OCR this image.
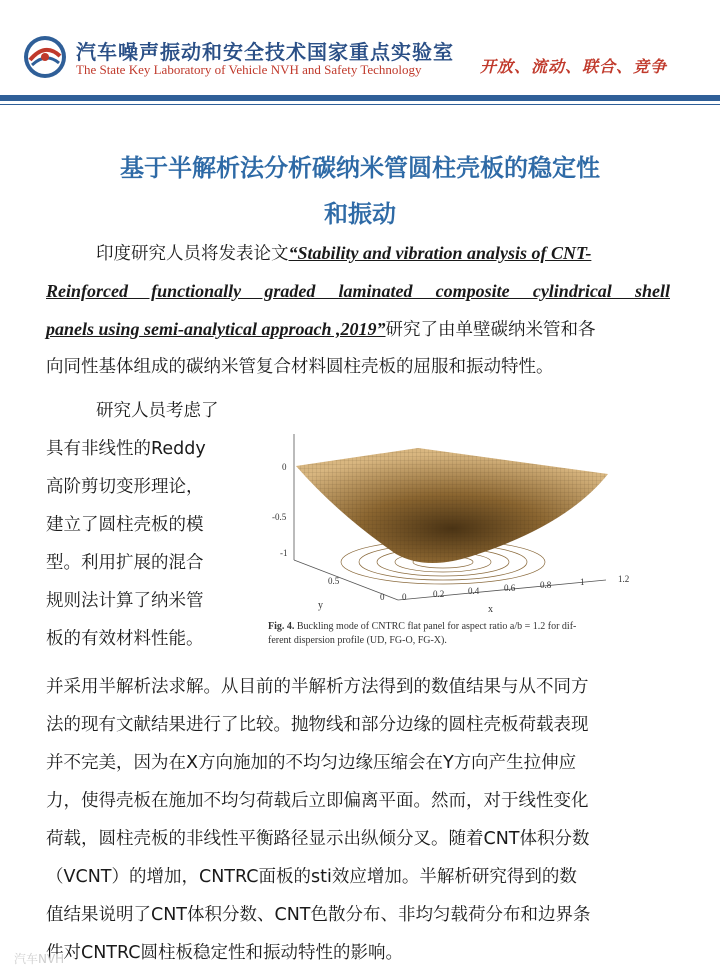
汽车噪声振动和安全技术国家重点实验室
The State Key Laboratory of Vehicle NVH and Safety Technology	开放、流动、联合、竞争
基于半解析法分析碳纳米管圆柱壳板的稳定性
和振动
印度研究人员将发表论文“Stability and vibration analysis of CNT-
Reinforced functionally graded laminated composite cylindrical shell
panels using semi-analytical approach ,2019”研究了由单壁碳纳米管和各
向同性基体组成的碳纳米管复合材料圆柱壳板的屈服和振动特性。
研究人员考虑了
具有非线性的Reddy
高阶剪切变形理论，
建立了圆柱壳板的模
型。利用扩展的混合
规则法计算了纳米管
板的有效材料性能。
0
-0.5
-1
0.5
0
y
0	0.2	0.4	0.6	0.8	1	1.2
x
Fig. 4. Buckling mode of CNTRC flat panel for aspect ratio a/b = 1.2 for dif-
ferent dispersion profile (UD, FG-O, FG-X).
并采用半解析法求解。从目前的半解析方法得到的数值结果与从不同方
法的现有文献结果进行了比较。抛物线和部分边缘的圆柱壳板荷载表现
并不完美，因为在X方向施加的不均匀边缘压缩会在Y方向产生拉伸应
力，使得壳板在施加不均匀荷载后立即偏离平面。然而，对于线性变化
荷载，圆柱壳板的非线性平衡路径显示出纵倾分叉。随着CNT体积分数
（VCNT）的增加，CNTRC面板的sti效应增加。半解析研究得到的数
值结果说明了CNT体积分数、CNT色散分布、非均匀载荷分布和边界条
件对CNTRC圆柱板稳定性和振动特性的影响。
汽车NVH
